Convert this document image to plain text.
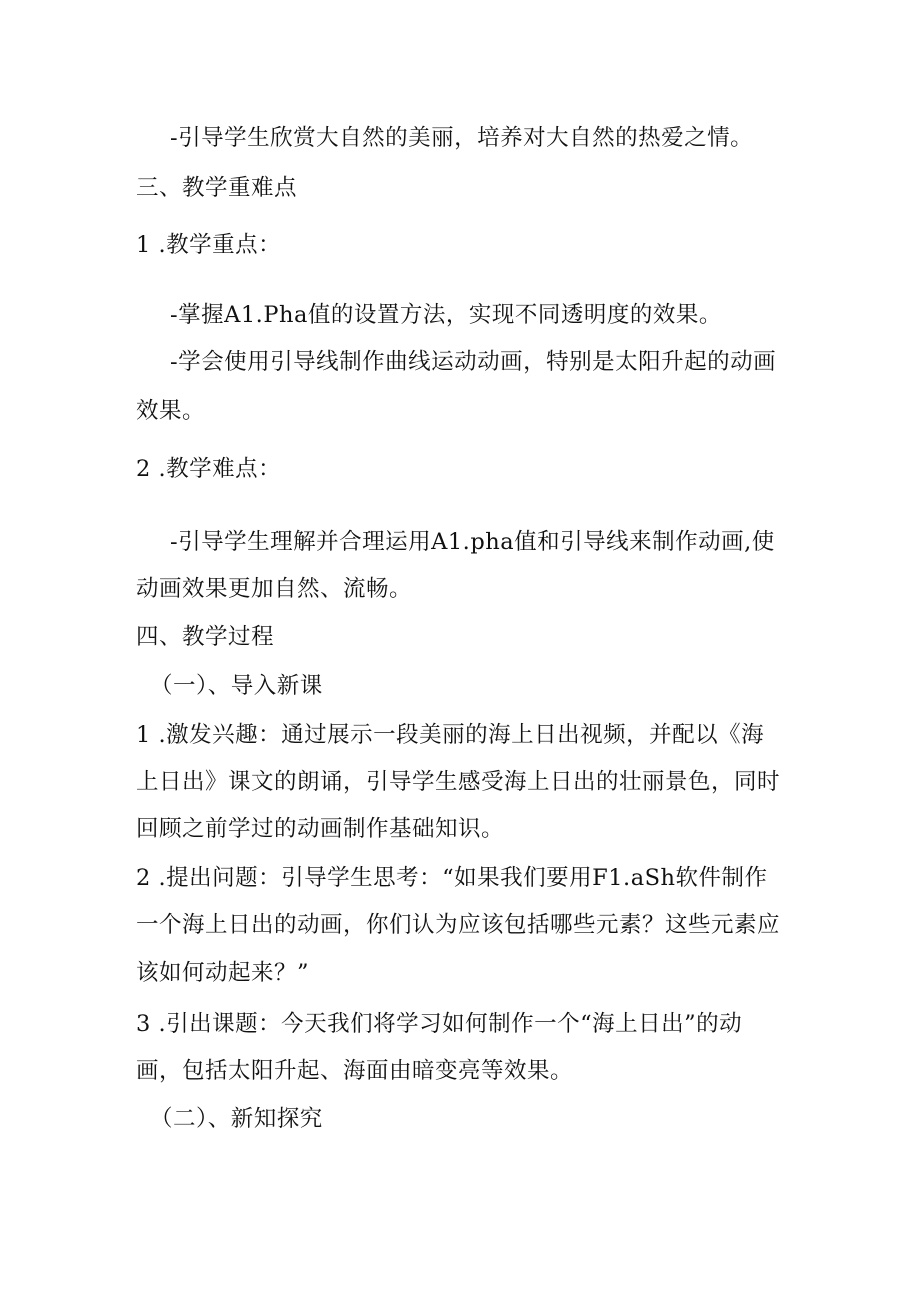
-引导学生欣赏大自然的美丽，培养对大自然的热爱之情。
三、教学重难点
1 .教学重点：
-掌握A1.Pha值的设置方法，实现不同透明度的效果。
-学会使用引导线制作曲线运动动画，特别是太阳升起的动画
效果。
2 .教学难点：
-引导学生理解并合理运用A1.pha值和引导线来制作动画,使
动画效果更加自然、流畅。
四、教学过程
（一）、导入新课
1 .激发兴趣：通过展示一段美丽的海上日出视频，并配以《海
上日出》课文的朗诵，引导学生感受海上日出的壮丽景色，同时
回顾之前学过的动画制作基础知识。
2 .提出问题：引导学生思考：“如果我们要用F1.aSh软件制作
一个海上日出的动画，你们认为应该包括哪些元素？这些元素应
该如何动起来？”
3 .引出课题：今天我们将学习如何制作一个“海上日出”的动
画，包括太阳升起、海面由暗变亮等效果。
（二）、新知探究
